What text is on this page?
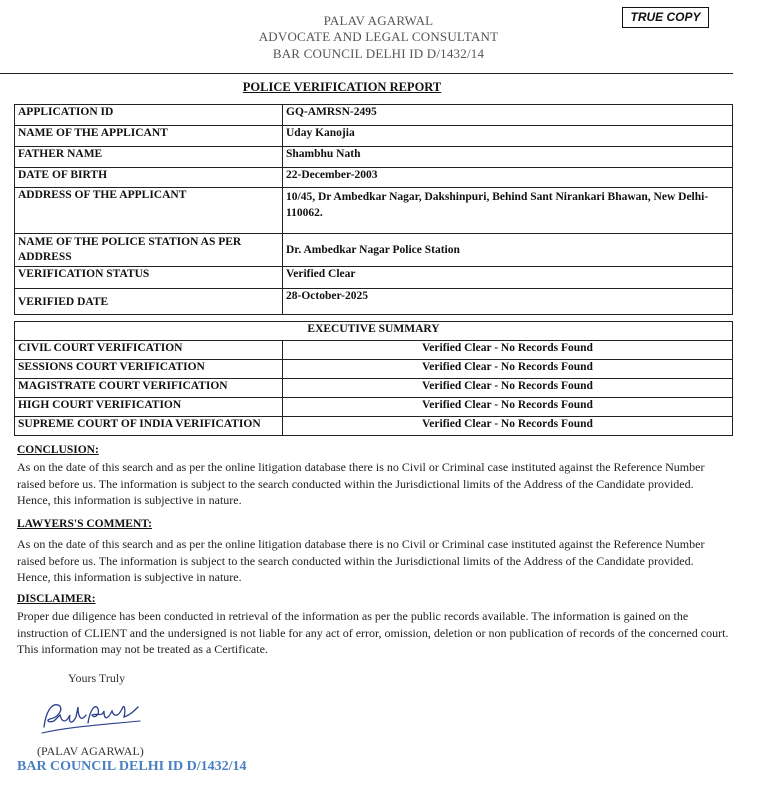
PALAV AGARWAL
ADVOCATE AND LEGAL CONSULTANT
BAR COUNCIL DELHI ID D/1432/14
TRUE COPY
POLICE VERIFICATION REPORT
APPLICATION ID	GQ-AMRSN-2495
NAME OF THE APPLICANT	Uday Kanojia
FATHER NAME	Shambhu Nath
DATE OF BIRTH	22-December-2003
ADDRESS OF THE APPLICANT	10/45, Dr Ambedkar Nagar, Dakshinpuri, Behind Sant Nirankari Bhawan, New Delhi-110062.
NAME OF THE POLICE STATION AS PER ADDRESS	Dr. Ambedkar Nagar Police Station
VERIFICATION STATUS	Verified Clear
VERIFIED DATE	28-October-2025
EXECUTIVE SUMMARY	
CIVIL COURT VERIFICATION	Verified Clear - No Records Found
SESSIONS COURT VERIFICATION	Verified Clear - No Records Found
MAGISTRATE COURT VERIFICATION	Verified Clear - No Records Found
HIGH COURT VERIFICATION	Verified Clear - No Records Found
SUPREME COURT OF INDIA VERIFICATION	Verified Clear - No Records Found
CONCLUSION:
As on the date of this search and as per the online litigation database there is no Civil or Criminal case instituted against the Reference Number raised before us. The information is subject to the search conducted within the Jurisdictional limits of the Address of the Candidate provided. Hence, this information is subjective in nature.
LAWYERS'S COMMENT:
As on the date of this search and as per the online litigation database there is no Civil or Criminal case instituted against the Reference Number raised before us. The information is subject to the search conducted within the Jurisdictional limits of the Address of the Candidate provided. Hence, this information is subjective in nature.
DISCLAIMER:
Proper due diligence has been conducted in retrieval of the information as per the public records available. The information is gained on the instruction of CLIENT and the undersigned is not liable for any act of error, omission, deletion or non publication of records of the concerned court. This information may not be treated as a Certificate.
Yours Truly
(PALAV AGARWAL)
BAR COUNCIL DELHI ID D/1432/14
